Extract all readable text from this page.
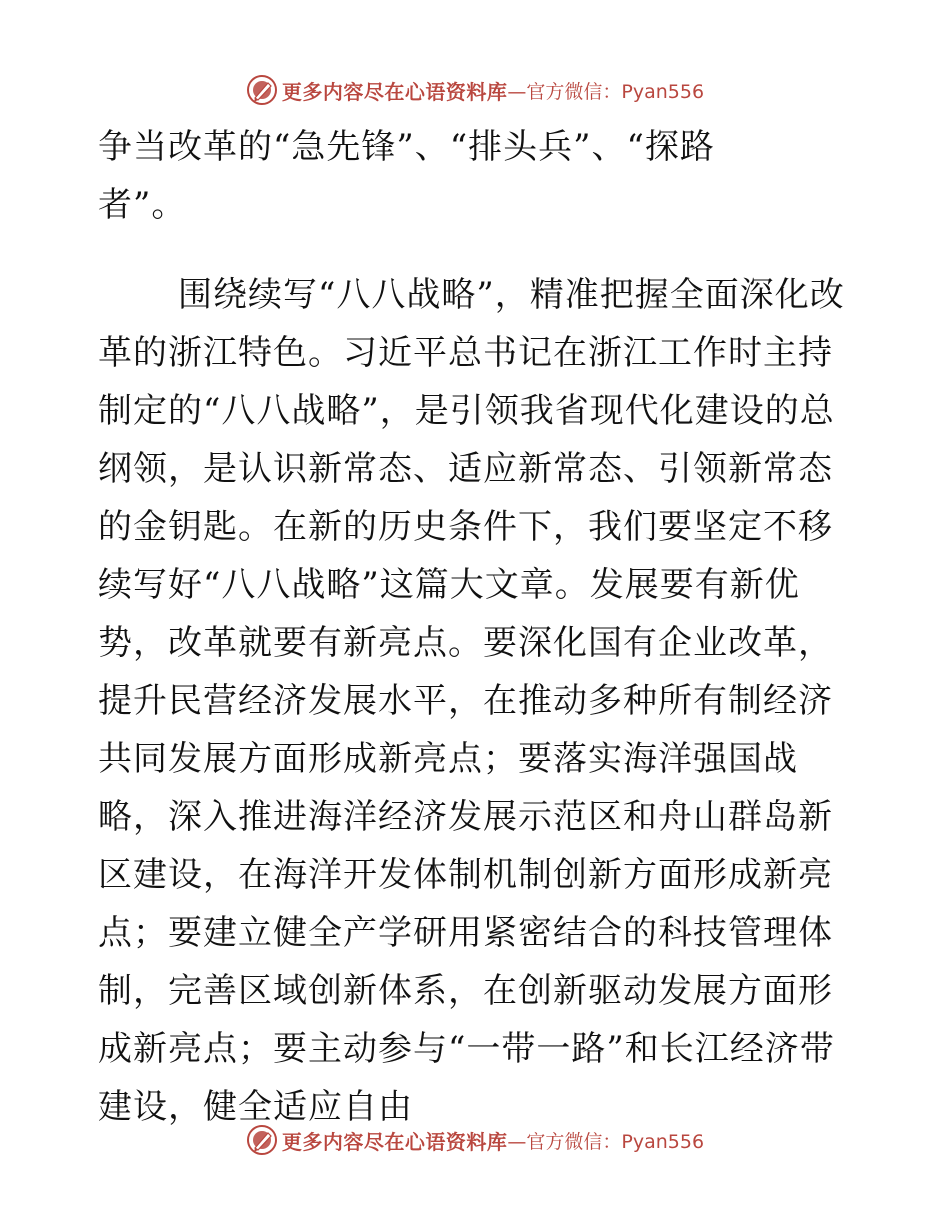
更多内容尽在心语资料库 —官方微信：Pyan556

争当改革的“急先锋”、“排头兵”、“探路者”。

围绕续写“八八战略”，精准把握全面深化改革的浙江特色。习近平总书记在浙江工作时主持制定的“八八战略”，是引领我省现代化建设的总纲领，是认识新常态、适应新常态、引领新常态的金钥匙。在新的历史条件下，我们要坚定不移续写好“八八战略”这篇大文章。发展要有新优势，改革就要有新亮点。要深化国有企业改革，提升民营经济发展水平，在推动多种所有制经济共同发展方面形成新亮点；要落实海洋强国战略，深入推进海洋经济发展示范区和舟山群岛新区建设，在海洋开发体制机制创新方面形成新亮点；要建立健全产学研用紧密结合的科技管理体制，完善区域创新体系，在创新驱动发展方面形成新亮点；要主动参与“一带一路”和长江经济带建设，健全适应自由

更多内容尽在心语资料库 —官方微信：Pyan556
